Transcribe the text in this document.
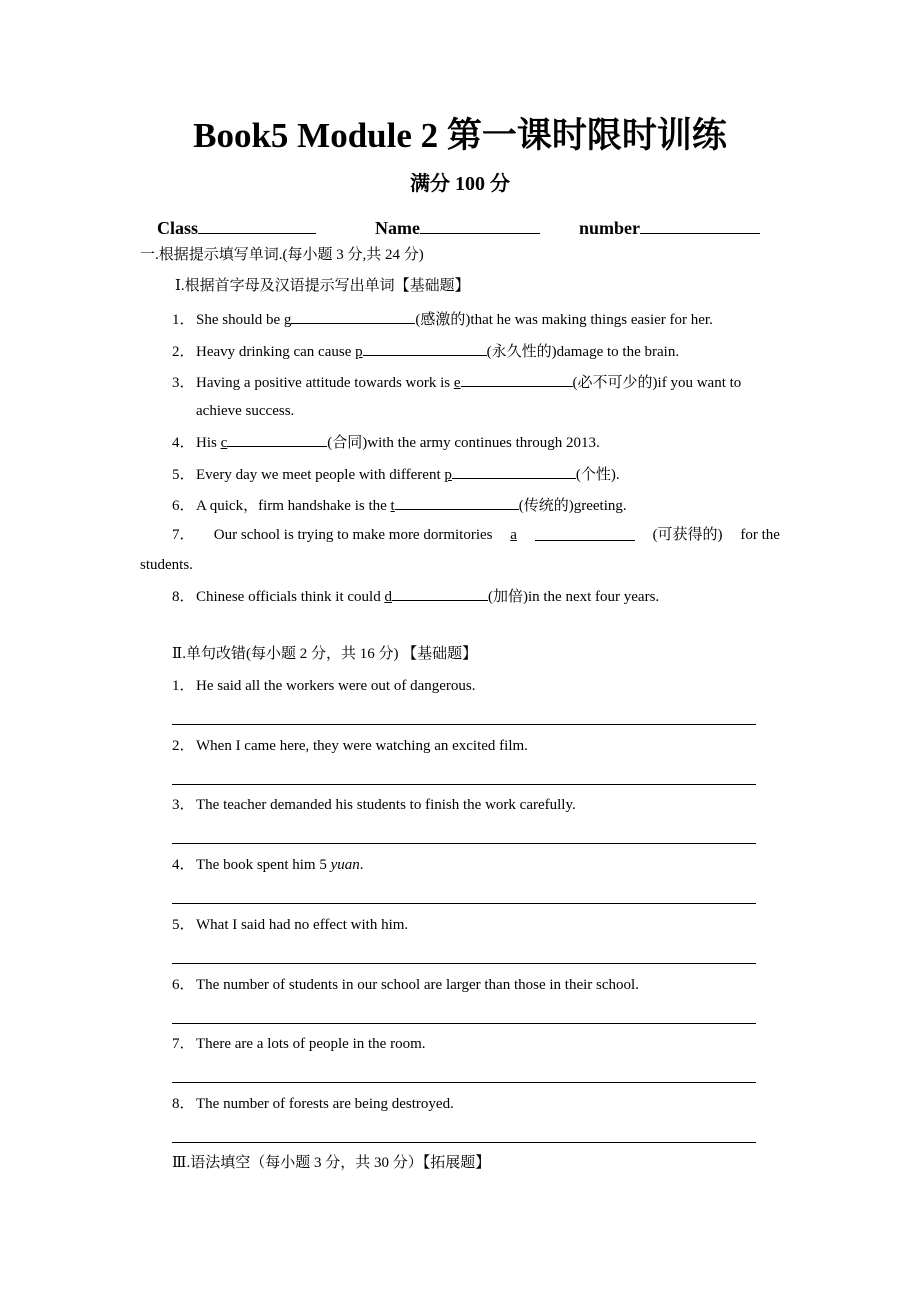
Book5 Module 2 第一课时限时训练
满分 100 分
Class	Name	number
一.根据提示填写单词.(每小题 3 分,共 24 分)
Ⅰ.根据首字母及汉语提示写出单词【基础题】
1．She should be g	(感激的)that he was making things easier for her.
2．Heavy drinking can cause p	(永久性的)damage to the brain.
3．Having a positive attitude towards work is e	(必不可少的)if you want to
achieve success.
4．His c	(合同)with the army continues through 2013.
5．Every day we meet people with different p	(个性).
6．A quick，firm handshake is the t	(传统的)greeting.
7． Our school is trying to make more dormitories a	(可获得的) for the
students.
8．Chinese officials think it could d	(加倍)in the next four years.
Ⅱ.单句改错(每小题 2 分，共 16 分) 【基础题】
1．He said all the workers were out of dangerous.
2．When I came here, they were watching an excited film.
3．The teacher demanded his students to finish the work carefully.
4．The book spent him 5 yuan.
5．What I said had no effect with him.
6．The number of students in our school are larger than those in their school.
7．There are a lots of people in the room.
8．The number of forests are being destroyed.
Ⅲ.语法填空（每小题 3 分，共 30 分）【拓展题】
